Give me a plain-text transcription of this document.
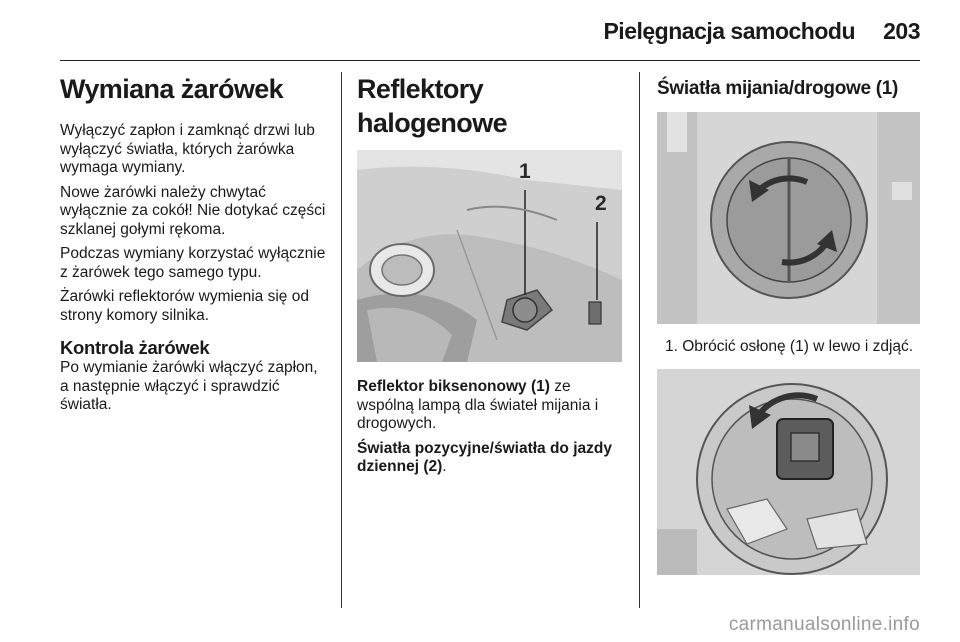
Pielęgnacja samochodu 203
Wymiana żarówek

Wyłączyć zapłon i zamknąć drzwi lub wyłączyć światła, których żarówka wymaga wymiany.

Nowe żarówki należy chwytać wyłącznie za cokół! Nie dotykać części szklanej gołymi rękoma.

Podczas wymiany korzystać wyłącznie z żarówek tego samego typu.

Żarówki reflektorów wymienia się od strony komory silnika.

Kontrola żarówek

Po wymianie żarówki włączyć zapłon, a następnie włączyć i sprawdzić światła.

Reflektory halogenowe
1
2

Reflektor biksenonowy (1) ze wspólną lampą dla świateł mijania i drogowych.

Światła pozycyjne/światła do jazdy dziennej (2).

Światła mijania/drogowe (1)

1. Obrócić osłonę (1) w lewo i zdjąć.

carmanualsonline.info
